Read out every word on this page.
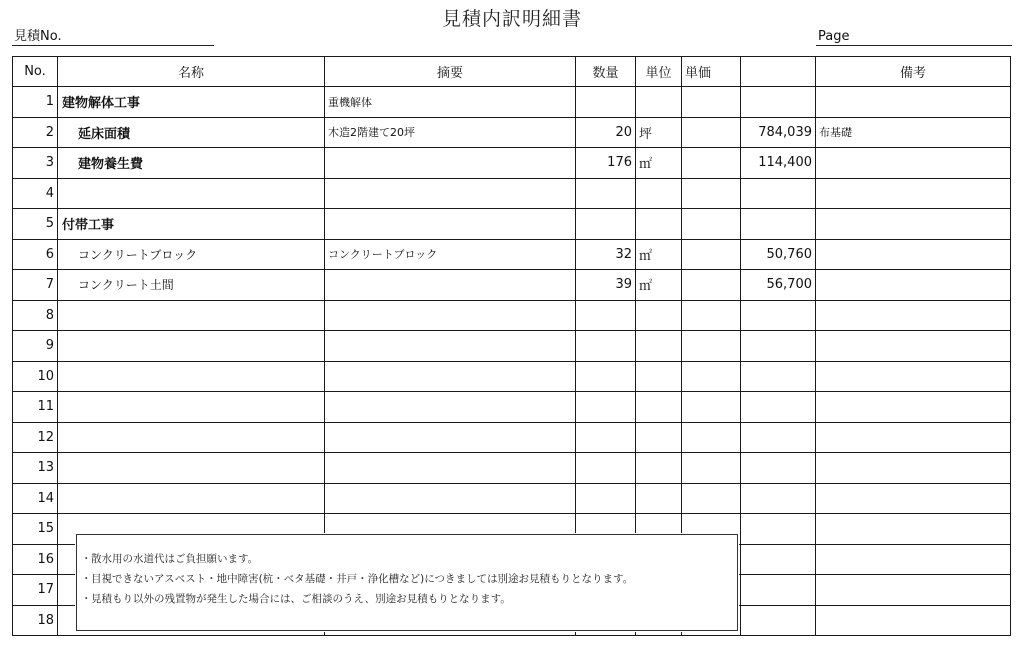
見積内訳明細書
見積No.	Page
No.	名称	摘要	数量	単位	単価		備考
1	建物解体工事	重機解体					
2	延床面積	木造2階建て20坪	20	坪		784,039	布基礎
3	建物養生費		176	㎡		114,400	
4							
5	付帯工事						
6	コンクリートブロック	コンクリートブロック	32	㎡		50,760	
7	コンクリート土間		39	㎡		56,700	
8							
9							
10							
11							
12							
13							
14							
15							
16							
17							
18							
・散水用の水道代はご負担願います。
・目視できないアスベスト・地中障害(杭・ベタ基礎・井戸・浄化槽など)につきましては別途お見積もりとなります。
・見積もり以外の残置物が発生した場合には、ご相談のうえ、別途お見積もりとなります。
